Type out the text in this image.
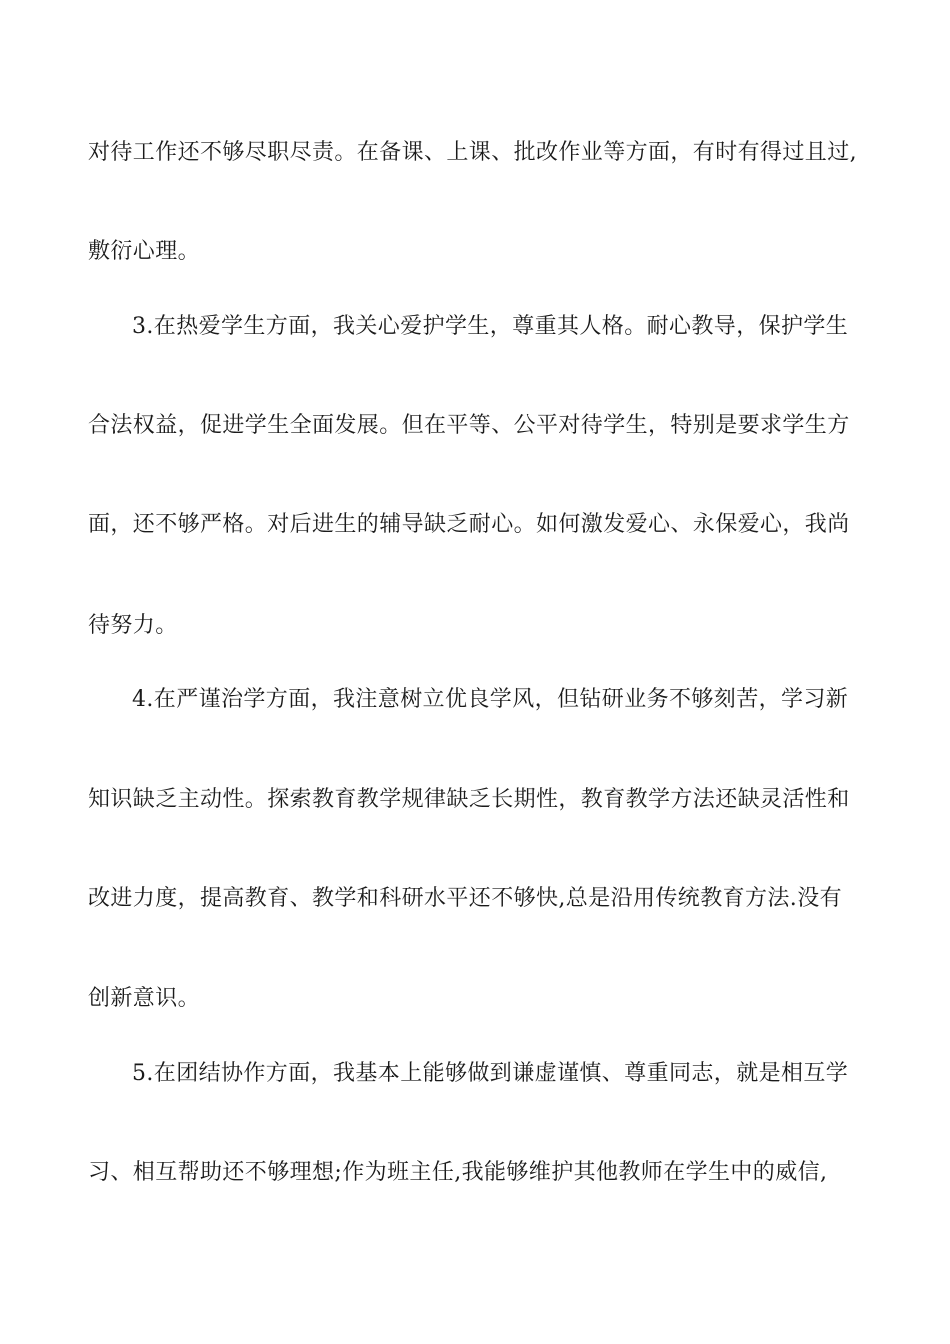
对待工作还不够尽职尽责。在备课、上课、批改作业等方面，有时有得过且过,
敷衍心理。
3.在热爱学生方面，我关心爱护学生，尊重其人格。耐心教导，保护学生
合法权益，促进学生全面发展。但在平等、公平对待学生，特别是要求学生方
面，还不够严格。对后进生的辅导缺乏耐心。如何激发爱心、永保爱心，我尚
待努力。
4.在严谨治学方面，我注意树立优良学风，但钻研业务不够刻苦，学习新
知识缺乏主动性。探索教育教学规律缺乏长期性，教育教学方法还缺灵活性和
改进力度，提高教育、教学和科研水平还不够快,总是沿用传统教育方法.没有
创新意识。
5.在团结协作方面，我基本上能够做到谦虚谨慎、尊重同志，就是相互学
习、相互帮助还不够理想;作为班主任,我能够维护其他教师在学生中的威信,
